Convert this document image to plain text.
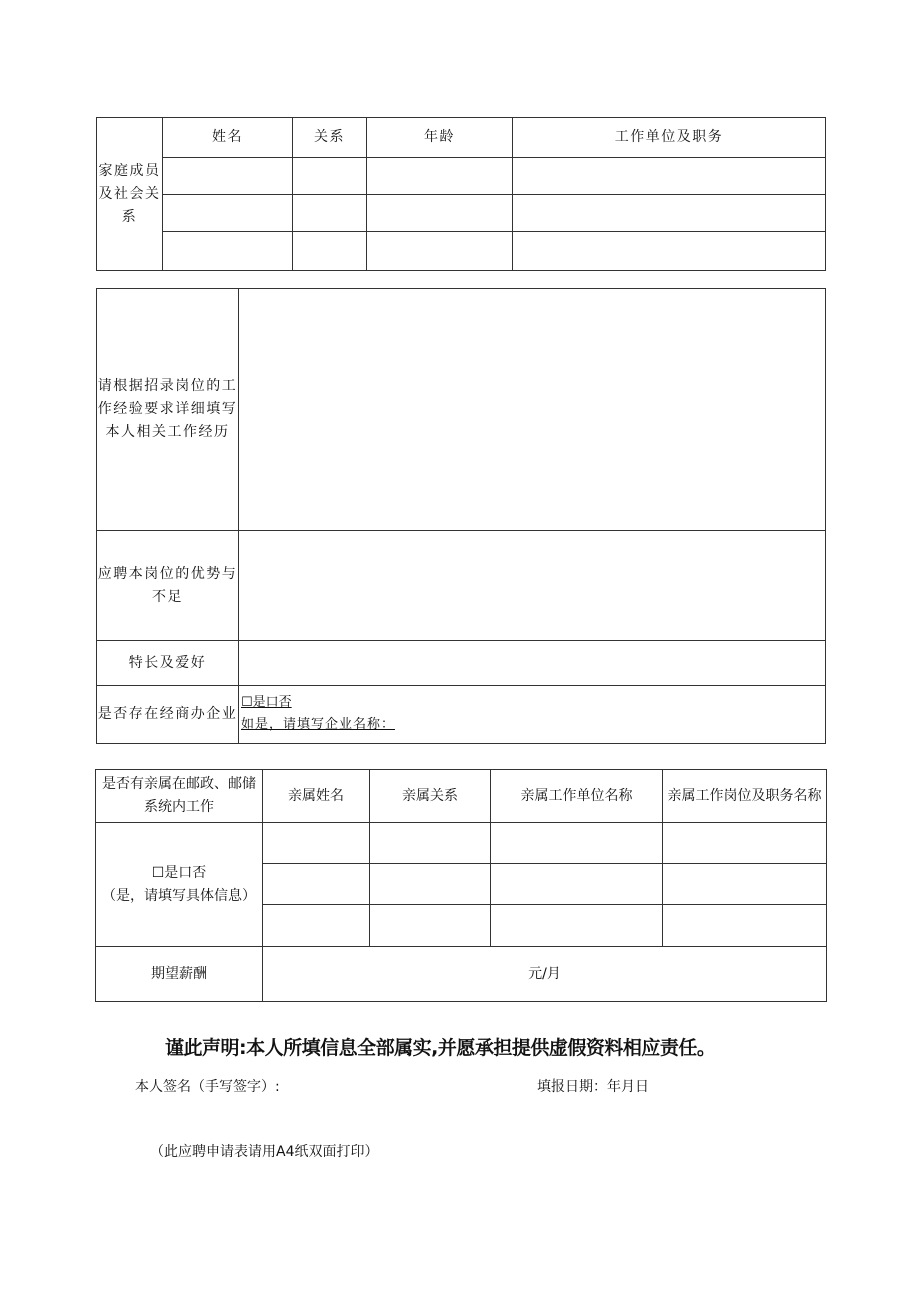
家庭成员及社会关系	姓名	关系	年龄	工作单位及职务

请根据招录岗位的工作经验要求详细填写本人相关工作经历	
应聘本岗位的优势与不足	
特长及爱好	
是否存在经商办企业	☐是口否
如是，请填写企业名称：
是否有亲属在邮政、邮储系统内工作	亲属姓名	亲属关系	亲属工作单位名称	亲属工作岗位及职务名称

☐是口否
（是，请填写具体信息）				

期望薪酬	元/月			
谨此声明:本人所填信息全部属实,并愿承担提供虚假资料相应责任。
本人签名（手写签字）:	填报日期：年月日
（此应聘申请表请用A4纸双面打印）
